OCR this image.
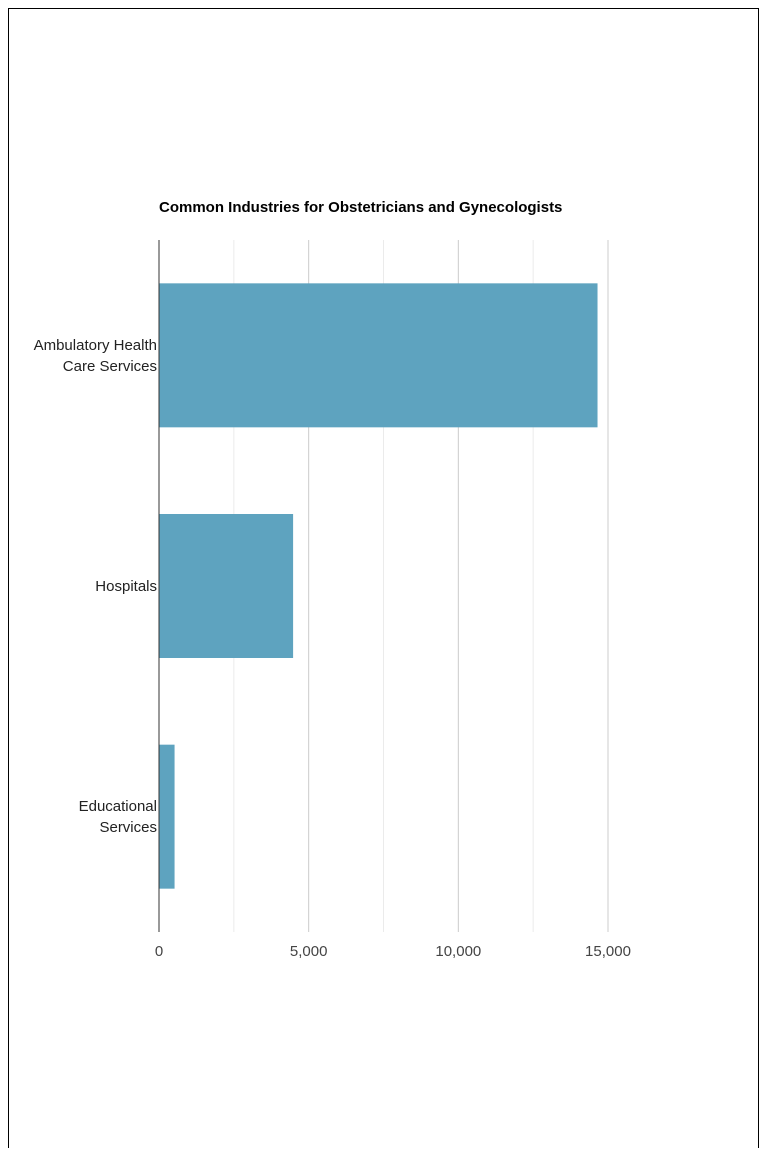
Common Industries for Obstetricians and Gynecologists
Ambulatory Health Care Services
Hospitals
Educational Services
0	5,000	10,000	15,000
